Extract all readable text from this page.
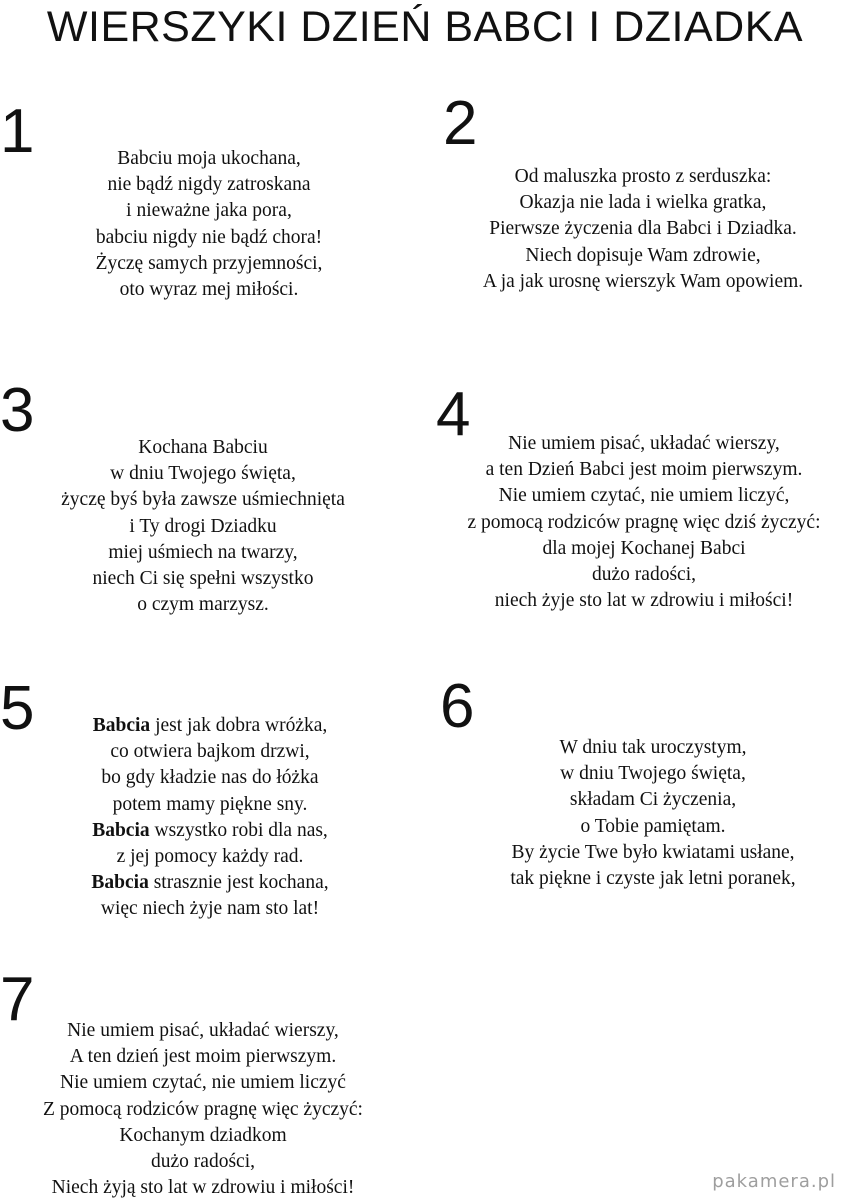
WIERSZYKI DZIEŃ BABCI I DZIADKA
1	Babciu moja ukochana,
nie bądź nigdy zatroskana
i nieważne jaka pora,
babciu nigdy nie bądź chora!
Życzę samych przyjemności,
oto wyraz mej miłości.
2
Od maluszka prosto z serduszka:
Okazja nie lada i wielka gratka,
Pierwsze życzenia dla Babci i Dziadka.
Niech dopisuje Wam zdrowie,
A ja jak urosnę wierszyk Wam opowiem.
3
Kochana Babciu
w dniu Twojego święta,
życzę byś była zawsze uśmiechnięta
i Ty drogi Dziadku
miej uśmiech na twarzy,
niech Ci się spełni wszystko
o czym marzysz.
4	Nie umiem pisać, układać wierszy,
a ten Dzień Babci jest moim pierwszym.
Nie umiem czytać, nie umiem liczyć,
z pomocą rodziców pragnę więc dziś życzyć:
dla mojej Kochanej Babci
dużo radości,
niech żyje sto lat w zdrowiu i miłości!
5	Babcia jest jak dobra wróżka,
co otwiera bajkom drzwi,
bo gdy kładzie nas do łóżka
potem mamy piękne sny.
Babcia wszystko robi dla nas,
z jej pomocy każdy rad.
Babcia strasznie jest kochana,
więc niech żyje nam sto lat!
6
W dniu tak uroczystym,
w dniu Twojego święta,
składam Ci życzenia,
o Tobie pamiętam.
By życie Twe było kwiatami usłane,
tak piękne i czyste jak letni poranek,
7	Nie umiem pisać, układać wierszy,
A ten dzień jest moim pierwszym.
Nie umiem czytać, nie umiem liczyć
Z pomocą rodziców pragnę więc życzyć:
Kochanym dziadkom
dużo radości,
Niech żyją sto lat w zdrowiu i miłości!	pakamera.pl
